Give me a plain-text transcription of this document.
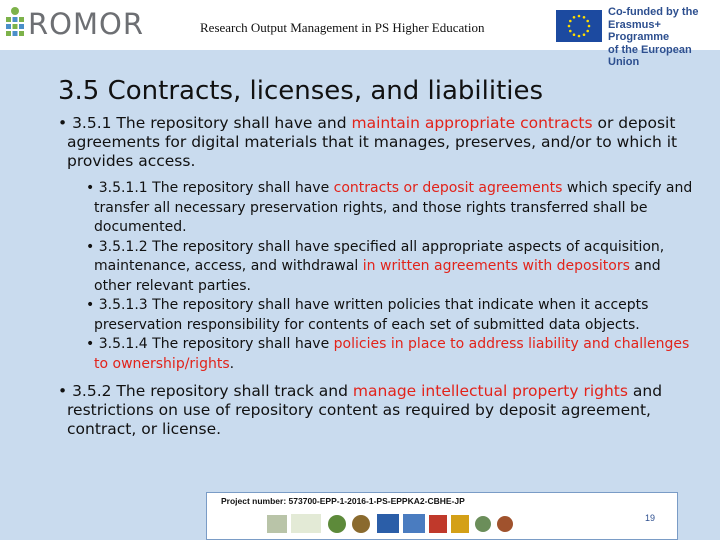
ROMOR	Research Output Management in PS Higher Education
Co-funded by the
Erasmus+ Programme
of the European Union
3.5 Contracts, licenses, and liabilities

• 3.5.1 The repository shall have and maintain appropriate contracts or deposit agreements for digital materials that it manages, preserves, and/or to which it provides access.

• 3.5.1.1 The repository shall have contracts or deposit agreements which specify and transfer all necessary preservation rights, and those rights transferred shall be documented.

• 3.5.1.2 The repository shall have specified all appropriate aspects of acquisition, maintenance, access, and withdrawal in written agreements with depositors and other relevant parties.

• 3.5.1.3 The repository shall have written policies that indicate when it accepts preservation responsibility for contents of each set of submitted data objects.

• 3.5.1.4 The repository shall have policies in place to address liability and challenges to ownership/rights.

• 3.5.2 The repository shall track and manage intellectual property rights and restrictions on use of repository content as required by deposit agreement, contract, or license.

Project number: 573700-EPP-1-2016-1-PS-EPPKA2-CBHE-JP
19
